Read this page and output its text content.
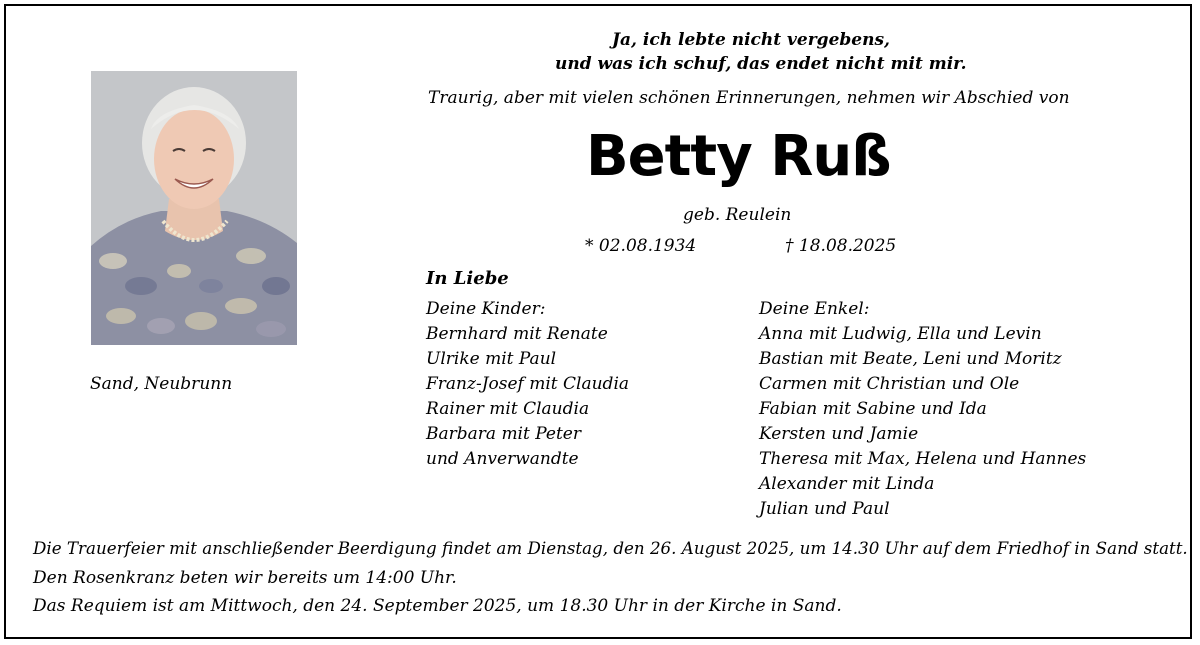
Ja, ich lebte nicht vergebens,
und was ich schuf, das endet nicht mit mir.
Traurig, aber mit vielen schönen Erinnerungen, nehmen wir Abschied von
Betty Ruß
geb. Reulein
* 02.08.1934	† 18.08.2025
Sand, Neubrunn
In Liebe
Deine Kinder:
Bernhard mit Renate
Ulrike mit Paul
Franz-Josef mit Claudia
Rainer mit Claudia
Barbara mit Peter
und Anverwandte
Deine Enkel:
Anna mit Ludwig, Ella und Levin
Bastian mit Beate, Leni und Moritz
Carmen mit Christian und Ole
Fabian mit Sabine und Ida
Kersten und Jamie
Theresa mit Max, Helena und Hannes
Alexander mit Linda
Julian und Paul
Die Trauerfeier mit anschließender Beerdigung findet am Dienstag, den 26. August 2025, um 14.30 Uhr auf dem Friedhof in Sand statt.
Den Rosenkranz beten wir bereits um 14:00 Uhr.
Das Requiem ist am Mittwoch, den 24. September 2025, um 18.30 Uhr in der Kirche in Sand.
